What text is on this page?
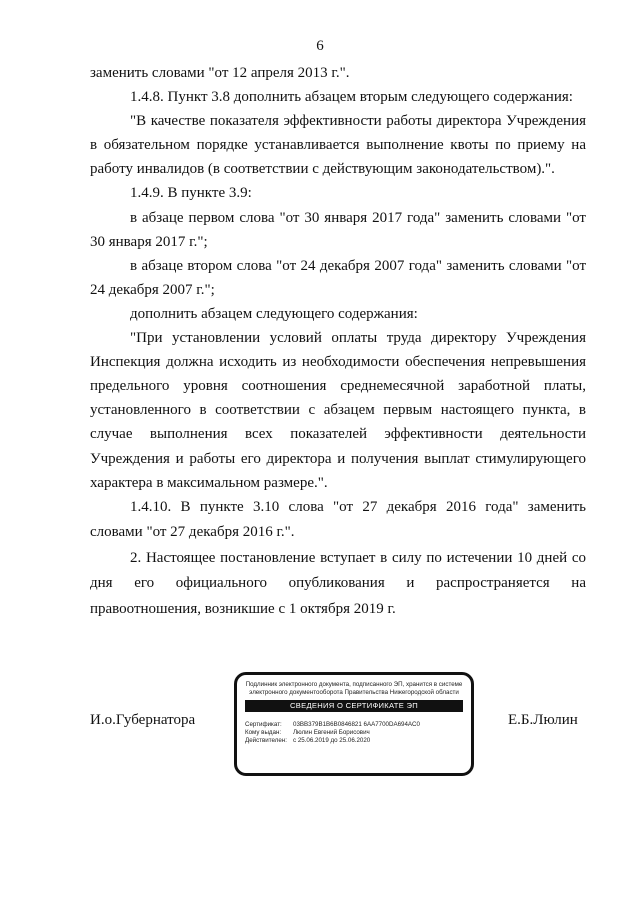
6

заменить словами "от 12 апреля 2013 г.".

1.4.8. Пункт 3.8 дополнить абзацем вторым следующего содержания:

"В качестве показателя эффективности работы директора Учреждения в обязательном порядке устанавливается выполнение квоты по приему на работу инвалидов (в соответствии с действующим законодательством).".

1.4.9. В пункте 3.9:

в абзаце первом слова "от 30 января 2017 года" заменить словами "от 30 января 2017 г.";

в абзаце втором слова "от 24 декабря 2007 года" заменить словами "от 24 декабря 2007 г.";

дополнить абзацем следующего содержания:

"При установлении условий оплаты труда директору Учреждения Инспекция должна исходить из необходимости обеспечения непревышения предельного уровня соотношения среднемесячной заработной платы, установленного в соответствии с абзацем первым настоящего пункта, в случае выполнения всех показателей эффективности деятельности Учреждения и работы его директора и получения выплат стимулирующего характера в максимальном размере.".

1.4.10. В пункте 3.10 слова "от 27 декабря 2016 года" заменить словами "от 27 декабря 2016 г.".

2. Настоящее постановление вступает в силу по истечении 10 дней со дня его официального опубликования и распространяется на правоотношения, возникшие с 1 октября 2019 г.

И.о.Губернатора
Подлинник электронного документа, подписанного ЭП, хранится в системе электронного документооборота Правительства Нижегородской области
СВЕДЕНИЯ О СЕРТИФИКАТЕ ЭП
Сертификат: 03BB379B1B6B0846821 6AA7700DA694AC0
Кому выдан: Люлин Евгений Борисович
Действителен: с 25.06.2019 до 25.06.2020
Е.Б.Люлин
